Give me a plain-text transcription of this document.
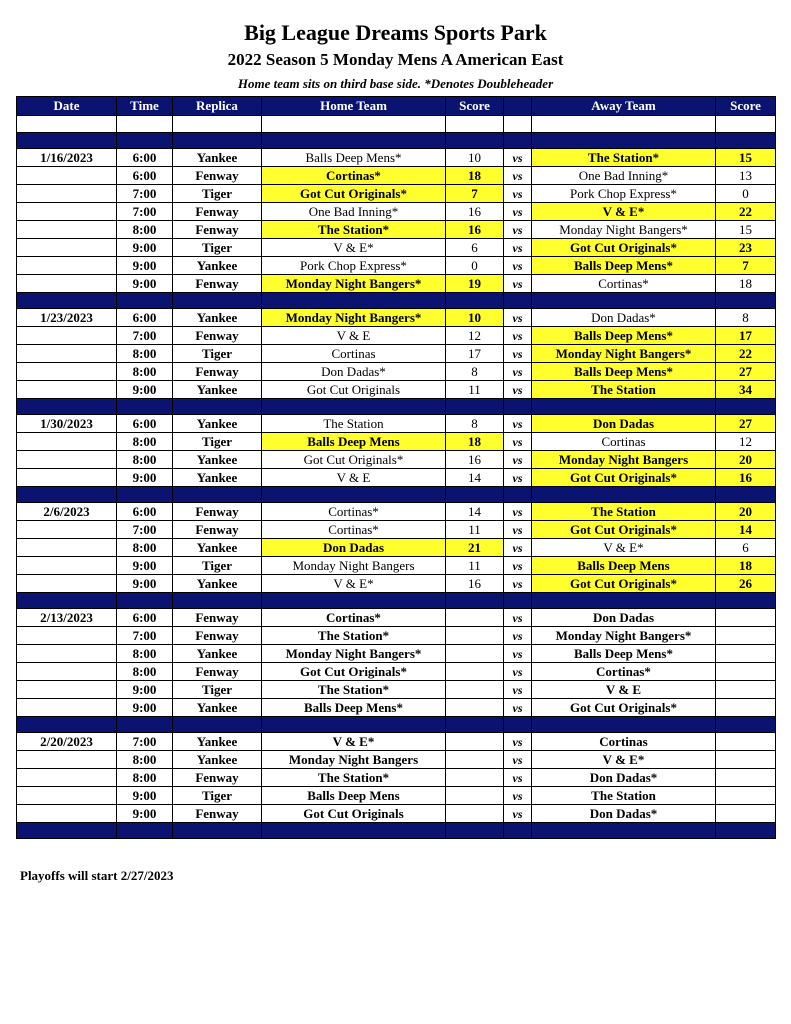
Big League Dreams Sports Park
2022 Season 5 Monday Mens A American East
Home team sits on third base side. *Denotes Doubleheader
Date	Time	Replica	Home Team	Score		Away Team	Score

1/16/2023	6:00	Yankee	Balls Deep Mens*	10	vs	The Station*	15
	6:00	Fenway	Cortinas*	18	vs	One Bad Inning*	13
	7:00	Tiger	Got Cut Originals*	7	vs	Pork Chop Express*	0
	7:00	Fenway	One Bad Inning*	16	vs	V & E*	22
	8:00	Fenway	The Station*	16	vs	Monday Night Bangers*	15
	9:00	Tiger	V & E*	6	vs	Got Cut Originals*	23
	9:00	Yankee	Pork Chop Express*	0	vs	Balls Deep Mens*	7
	9:00	Fenway	Monday Night Bangers*	19	vs	Cortinas*	18

1/23/2023	6:00	Yankee	Monday Night Bangers*	10	vs	Don Dadas*	8
	7:00	Fenway	V & E	12	vs	Balls Deep Mens*	17
	8:00	Tiger	Cortinas	17	vs	Monday Night Bangers*	22
	8:00	Fenway	Don Dadas*	8	vs	Balls Deep Mens*	27
	9:00	Yankee	Got Cut Originals	11	vs	The Station	34

1/30/2023	6:00	Yankee	The Station	8	vs	Don Dadas	27
	8:00	Tiger	Balls Deep Mens	18	vs	Cortinas	12
	8:00	Yankee	Got Cut Originals*	16	vs	Monday Night Bangers	20
	9:00	Yankee	V & E	14	vs	Got Cut Originals*	16

2/6/2023	6:00	Fenway	Cortinas*	14	vs	The Station	20
	7:00	Fenway	Cortinas*	11	vs	Got Cut Originals*	14
	8:00	Yankee	Don Dadas	21	vs	V & E*	6
	9:00	Tiger	Monday Night Bangers	11	vs	Balls Deep Mens	18
	9:00	Yankee	V & E*	16	vs	Got Cut Originals*	26

2/13/2023	6:00	Fenway	Cortinas*		vs	Don Dadas	
	7:00	Fenway	The Station*		vs	Monday Night Bangers*	
	8:00	Yankee	Monday Night Bangers*		vs	Balls Deep Mens*	
	8:00	Fenway	Got Cut Originals*		vs	Cortinas*	
	9:00	Tiger	The Station*		vs	V & E	
	9:00	Yankee	Balls Deep Mens*		vs	Got Cut Originals*	

2/20/2023	7:00	Yankee	V & E*		vs	Cortinas	
	8:00	Yankee	Monday Night Bangers		vs	V & E*	
	8:00	Fenway	The Station*		vs	Don Dadas*	
	9:00	Tiger	Balls Deep Mens		vs	The Station	
	9:00	Fenway	Got Cut Originals		vs	Don Dadas*	

Playoffs will start 2/27/2023
